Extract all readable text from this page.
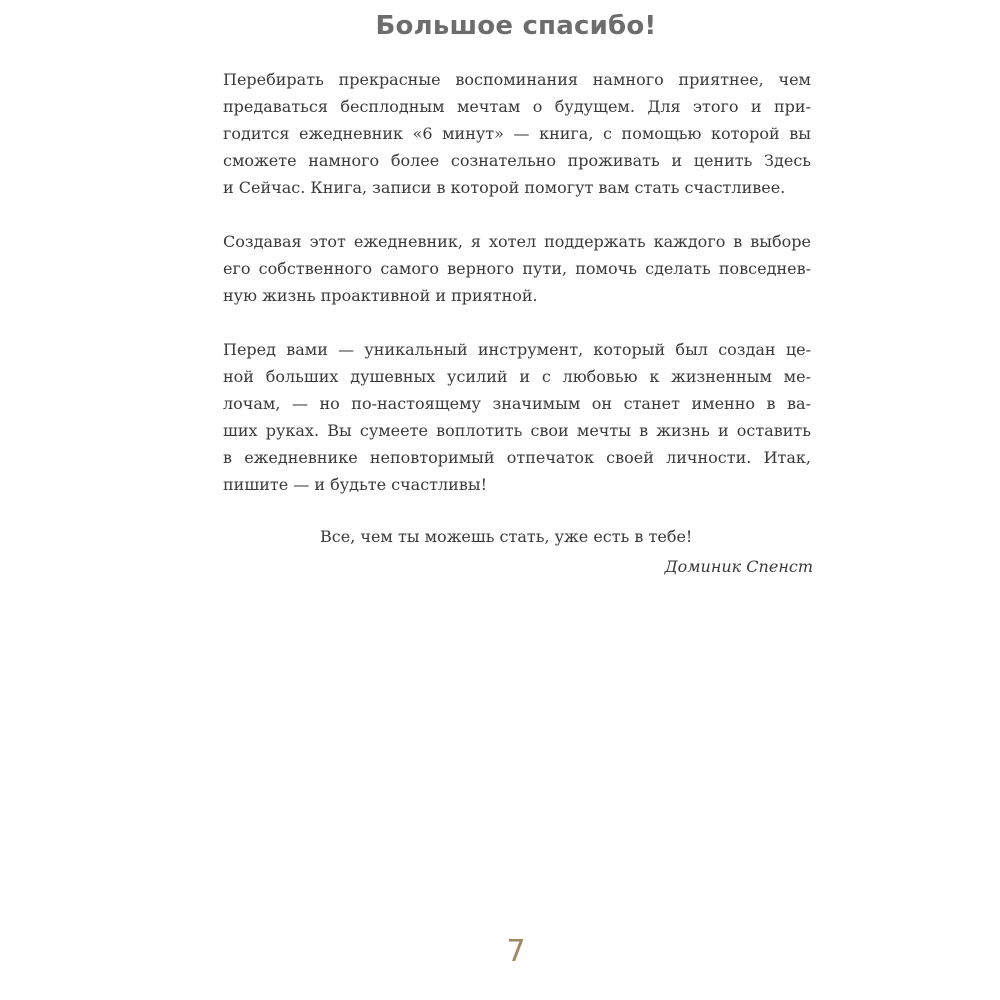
Большое спасибо!

Перебирать прекрасные воспоминания намного приятнее, чем
предаваться бесплодным мечтам о будущем. Для этого и при-
годится ежедневник «6 минут» — книга, с помощью которой вы
сможете намного более сознательно проживать и ценить Здесь
и Сейчас. Книга, записи в которой помогут вам стать счастливее.

Создавая этот ежедневник, я хотел поддержать каждого в выборе
его собственного самого верного пути, помочь сделать повседнев-
ную жизнь проактивной и приятной.

Перед вами — уникальный инструмент, который был создан це-
ной больших душевных усилий и с любовью к жизненным ме-
лочам, — но по-настоящему значимым он станет именно в ва-
ших руках. Вы сумеете воплотить свои мечты в жизнь и оставить
в ежедневнике неповторимый отпечаток своей личности. Итак,
пишите — и будьте счастливы!

Все, чем ты можешь стать, уже есть в тебе!
Доминик Спенст
7
